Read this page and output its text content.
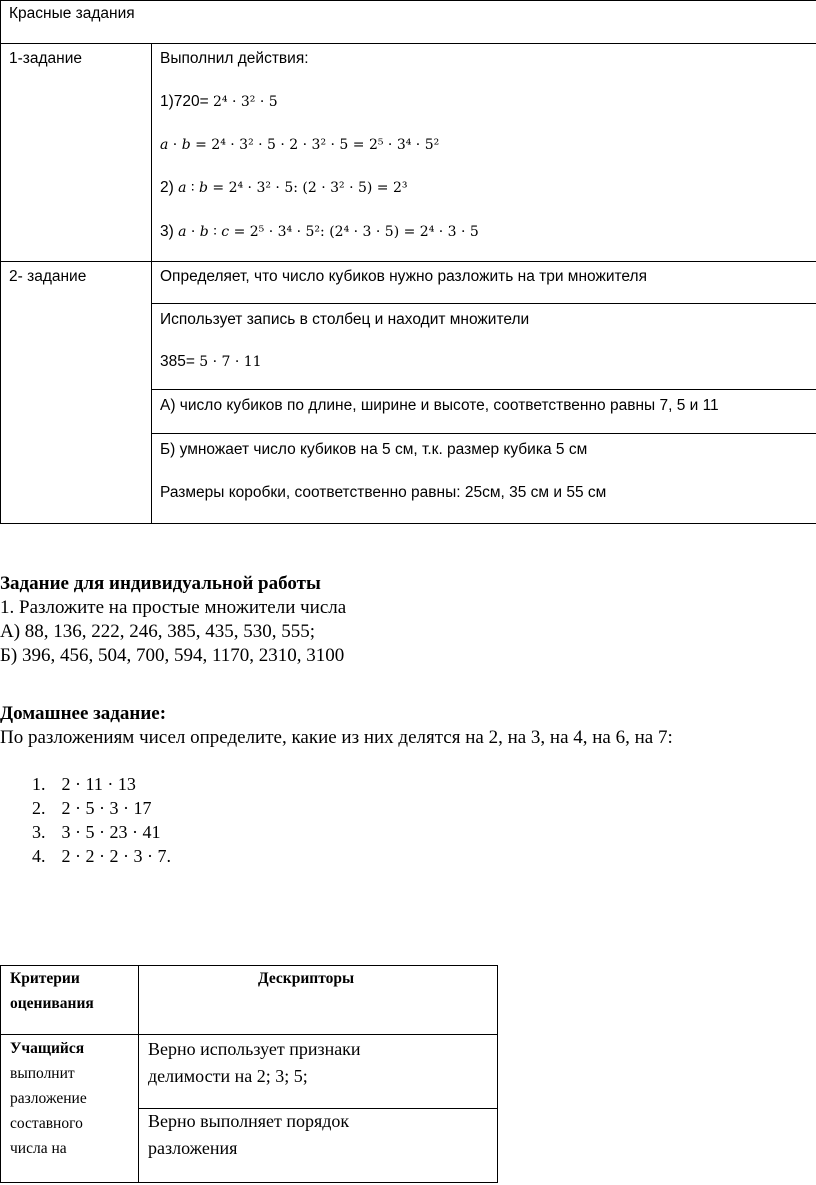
Красные задания
1-задание	Выполнил действия:
1)720= 2⁴ · 3² · 5
𝑎 · 𝑏 = 2⁴ · 3² · 5 · 2 · 3² · 5 = 2⁵ · 3⁴ · 5²
2) 𝑎 ∶ 𝑏 = 2⁴ · 3² · 5: (2 · 3² · 5) = 2³
3) 𝑎 · 𝑏 ∶ 𝑐 = 2⁵ · 3⁴ · 5²: (2⁴ · 3 · 5) = 2⁴ · 3 · 5
2- задание	Определяет, что число кубиков нужно разложить на три множителя
Использует запись в столбец и находит множители
385= 5 · 7 · 11
А) число кубиков по длине, ширине и высоте, соответственно равны 7, 5 и 11
Б) умножает число кубиков на 5 см, т.к. размер кубика 5 см
Размеры коробки, соответственно равны: 25см, 35 см и 55 см
Задание для индивидуальной работы
1. Разложите на простые множители числа
А) 88, 136, 222, 246, 385, 435, 530, 555;
Б) 396, 456, 504, 700, 594, 1170, 2310, 3100
Домашнее задание:
По разложениям чисел определите, какие из них делятся на 2, на 3, на 4, на 6, на 7:
1. 2 · 11 · 13
2. 2 · 5 · 3 · 17
3. 3 · 5 · 23 · 41
4. 2 · 2 · 2 · 3 · 7.
Критерии
оценивания
Дескрипторы
Учащийся
выполнит
разложение
составного
числа на
Верно использует признаки
делимости на 2; 3; 5;
Верно выполняет порядок
разложения
